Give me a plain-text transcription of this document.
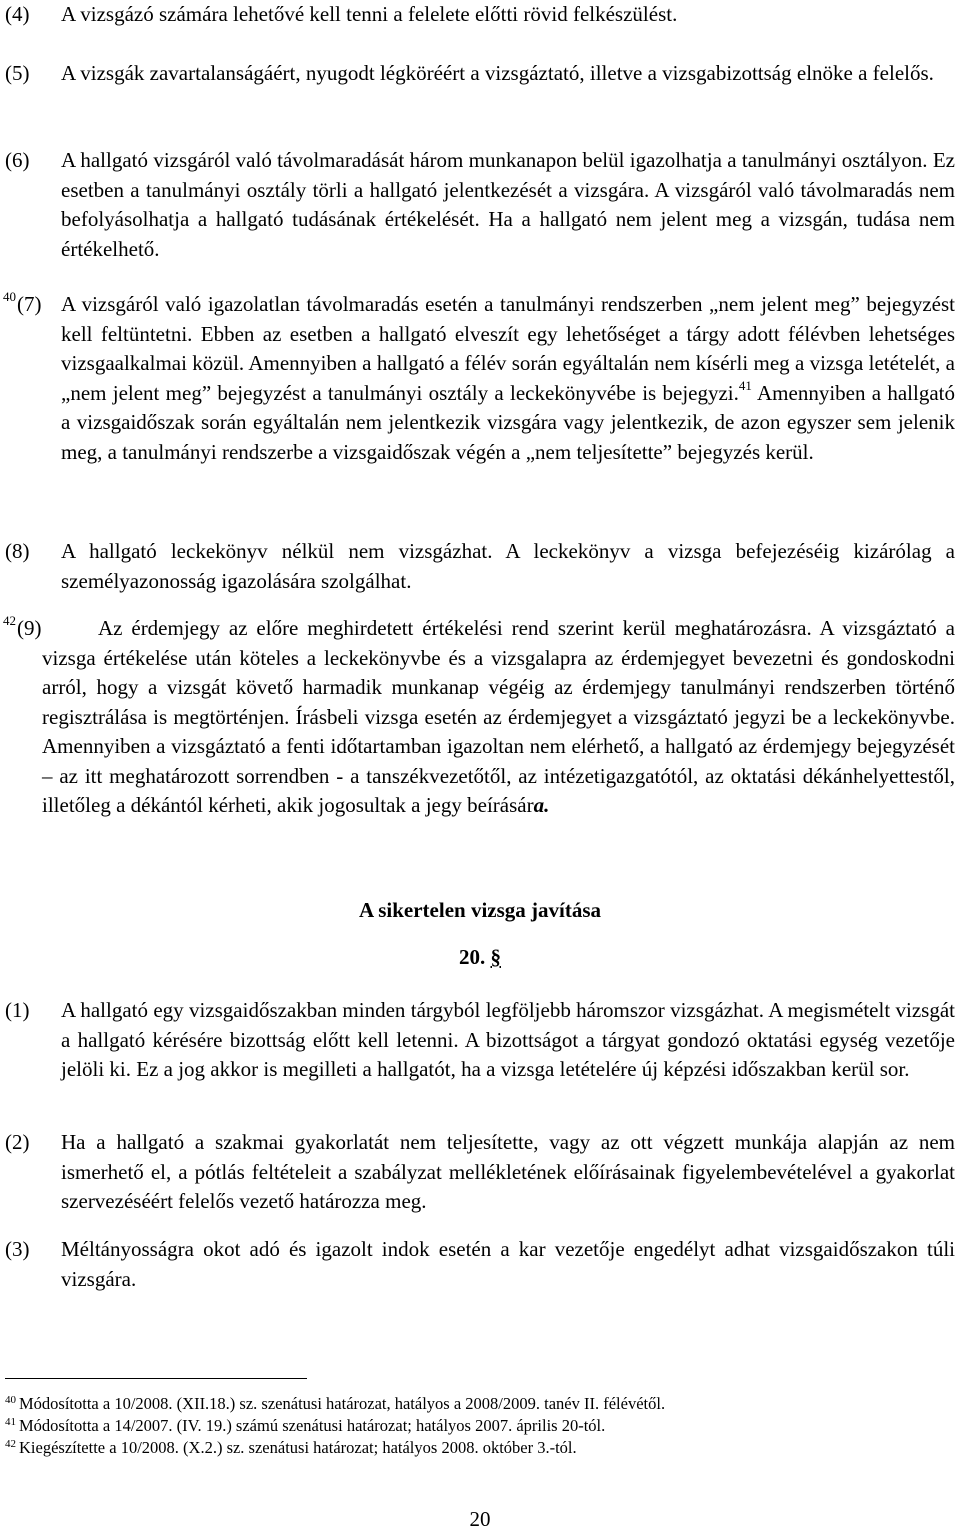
(4) A vizsgázó számára lehetővé kell tenni a felelete előtti rövid felkészülést.
(5) A vizsgák zavartalanságáért, nyugodt légköréért a vizsgáztató, illetve a vizsgabizottság elnöke a felelős.
(6) A hallgató vizsgáról való távolmaradását három munkanapon belül igazolhatja a tanulmányi osztályon. Ez esetben a tanulmányi osztály törli a hallgató jelentkezését a vizsgára. A vizsgáról való távolmaradás nem befolyásolhatja a hallgató tudásának értékelését. Ha a hallgató nem jelent meg a vizsgán, tudása nem értékelhető.
$^{40}$(7) A vizsgáról való igazolatlan távolmaradás esetén a tanulmányi rendszerben „nem jelent meg” bejegyzést kell feltüntetni. Ebben az esetben a hallgató elveszít egy lehetőséget a tárgy adott félévben lehetséges vizsgaalkalmai közül. Amennyiben a hallgató a félév során egyáltalán nem kísérli meg a vizsga letételét, a „nem jelent meg” bejegyzést a tanulmányi osztály a leckekönyvébe is bejegyzi.$^{41}$ Amennyiben a hallgató a vizsgaidőszak során egyáltalán nem jelentkezik vizsgára vagy jelentkezik, de azon egyszer sem jelenik meg, a tanulmányi rendszerbe a vizsgaidőszak végén a „nem teljesítette” bejegyzés kerül.
(8) A hallgató leckekönyv nélkül nem vizsgázhat. A leckekönyv a vizsga befejezéséig kizárólag a személyazonosság igazolására szolgálhat.
$^{42}$(9)	Az érdemjegy az előre meghirdetett értékelési rend szerint kerül meghatározásra. A vizsgáztató a vizsga értékelése után köteles a leckekönyvbe és a vizsgalapra az érdemjegyet bevezetni és gondoskodni arról, hogy a vizsgát követő harmadik munkanap végéig az érdemjegy tanulmányi rendszerben történő regisztrálása is megtörténjen. Írásbeli vizsga esetén az érdemjegyet a vizsgáztató jegyzi be a leckekönyvbe. Amennyiben a vizsgáztató a fenti időtartamban igazoltan nem elérhető, a hallgató az érdemjegy bejegyzését – az itt meghatározott sorrendben - a tanszékvezetőtől, az intézetigazgatótól, az oktatási dékánhelyettestől, illetőleg a dékántól kérheti, akik jogosultak a jegy beírására.
A sikertelen vizsga javítása
20. §
(1) A hallgató egy vizsgaidőszakban minden tárgyból legföljebb háromszor vizsgázhat. A megismételt vizsgát a hallgató kérésére bizottság előtt kell letenni. A bizottságot a tárgyat gondozó oktatási egység vezetője jelöli ki. Ez a jog akkor is megilleti a hallgatót, ha a vizsga letételére új képzési időszakban kerül sor.
(2) Ha a hallgató a szakmai gyakorlatát nem teljesítette, vagy az ott végzett munkája alapján az nem ismerhető el, a pótlás feltételeit a szabályzat mellékletének előírásainak figyelembevételével a gyakorlat szervezéséért felelős vezető határozza meg.
(3) Méltányosságra okot adó és igazolt indok esetén a kar vezetője engedélyt adhat vizsgaidőszakon túli vizsgára.
$^{40}$ Módosította a 10/2008. (XII.18.) sz. szenátusi határozat, hatályos a 2008/2009. tanév II. félévétől.
$^{41}$ Módosította a 14/2007. (IV. 19.) számú szenátusi határozat; hatályos 2007. április 20-tól.
$^{42}$ Kiegészítette a 10/2008. (X.2.) sz. szenátusi határozat; hatályos 2008. október 3.-tól.
20
